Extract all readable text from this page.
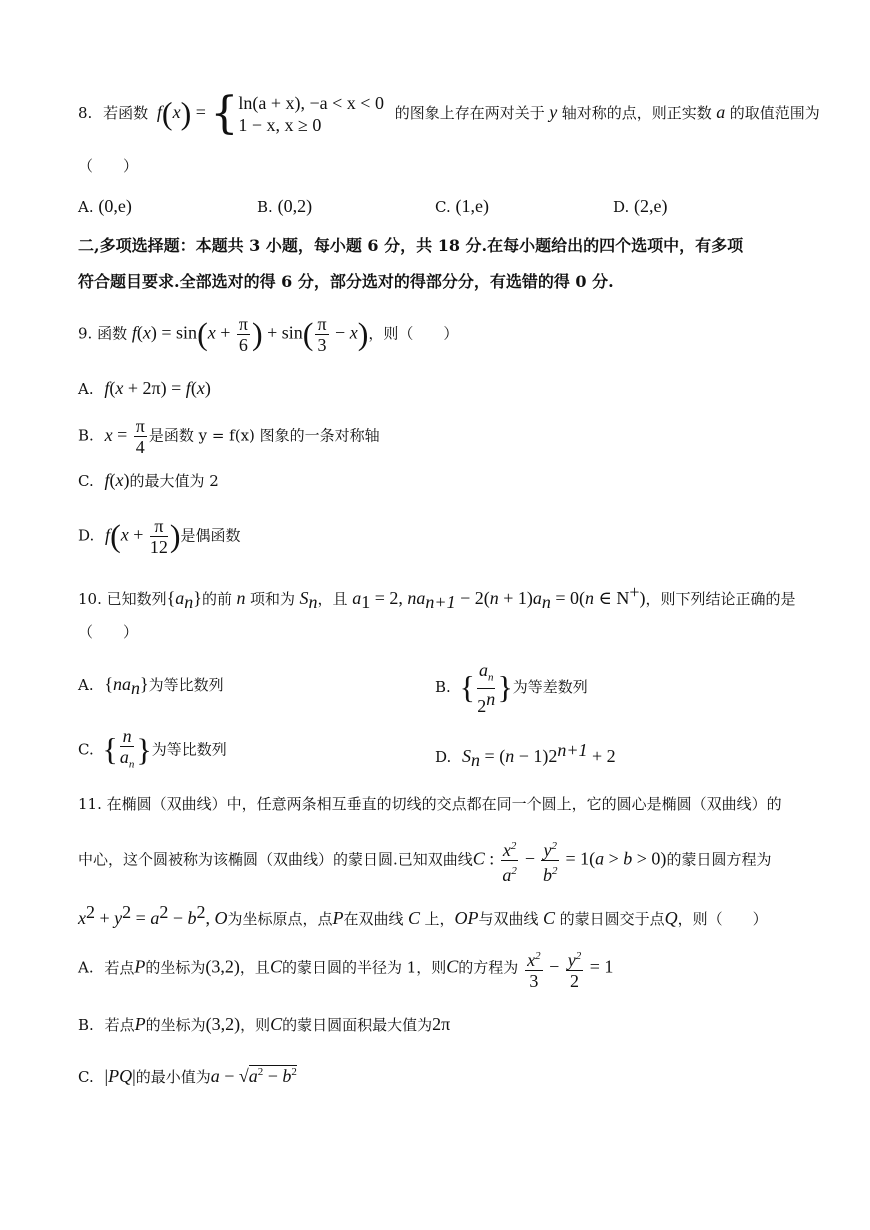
8. 若函数 f(x) = { ln(a + x), −a < x < 0
1 − x, x ≥ 0
的图象上存在两对关于 y 轴对称的点，则正实数 a 的取值范围为
（　　）
A. (0,e)	B. (0,2)	C. (1,e)	D. (2,e)
二,多项选择题：本题共 3 小题，每小题 6 分，共 18 分.在每小题给出的四个选项中，有多项
符合题目要求.全部选对的得 6 分，部分选对的得部分分，有选错的得 0 分.
9. 函数 $f(x) = \sin(x + \frac{\pi}{6}$ ) + $\sin( \frac{\pi}{3} - x)$，则（　　）
A. f(x + 2π) = f(x)
B. $x = \frac{\pi}{4}$ 是函数 y = f(x) 图象的一条对称轴
C. f(x)的最大值为 2
D. $f(x + \frac{\pi}{12}$ )是偶函数
10. 已知数列$\{a_n\}$的前 n 项和为 $S_n$，且 $a_1 = 2$, $na_{n+1} - 2(n + 1)a_n = 0(n$ ∈ N+)，则下列结论正确的是
（　　）
A. $\{na_n\}$为等比数列	B. { $\frac{a_n}{2^n}$ }为等差数列
C. { $\frac{n}{a_n}$ }为等比数列	D. $S_n = (n - 1)2^{n+1} + 2$
11. 在椭圆（双曲线）中，任意两条相互垂直的切线的交点都在同一个圆上，它的圆心是椭圆（双曲线）的
中心，这个圆被称为该椭圆（双曲线）的蒙日圆.已知双曲线C : $\frac{x^2}{a^2} - \frac{y^2}{b^2} = 1(a > b > 0)$的蒙日圆方程为
$x^2 + y^2 = a^2 - b^2$, O为坐标原点，点P在双曲线 C 上，OP与双曲线 C 的蒙日圆交于点Q，则（　　）
A. 若点P的坐标为(3,2)，且C的蒙日圆的半径为 1，则C的方程为 $\frac{x^2}{3} - \frac{y^2}{2} = 1$
B. 若点P的坐标为(3,2)，则C的蒙日圆面积最大值为2π
C. |PQ|的最小值为$a - √a^2 - b^2$
